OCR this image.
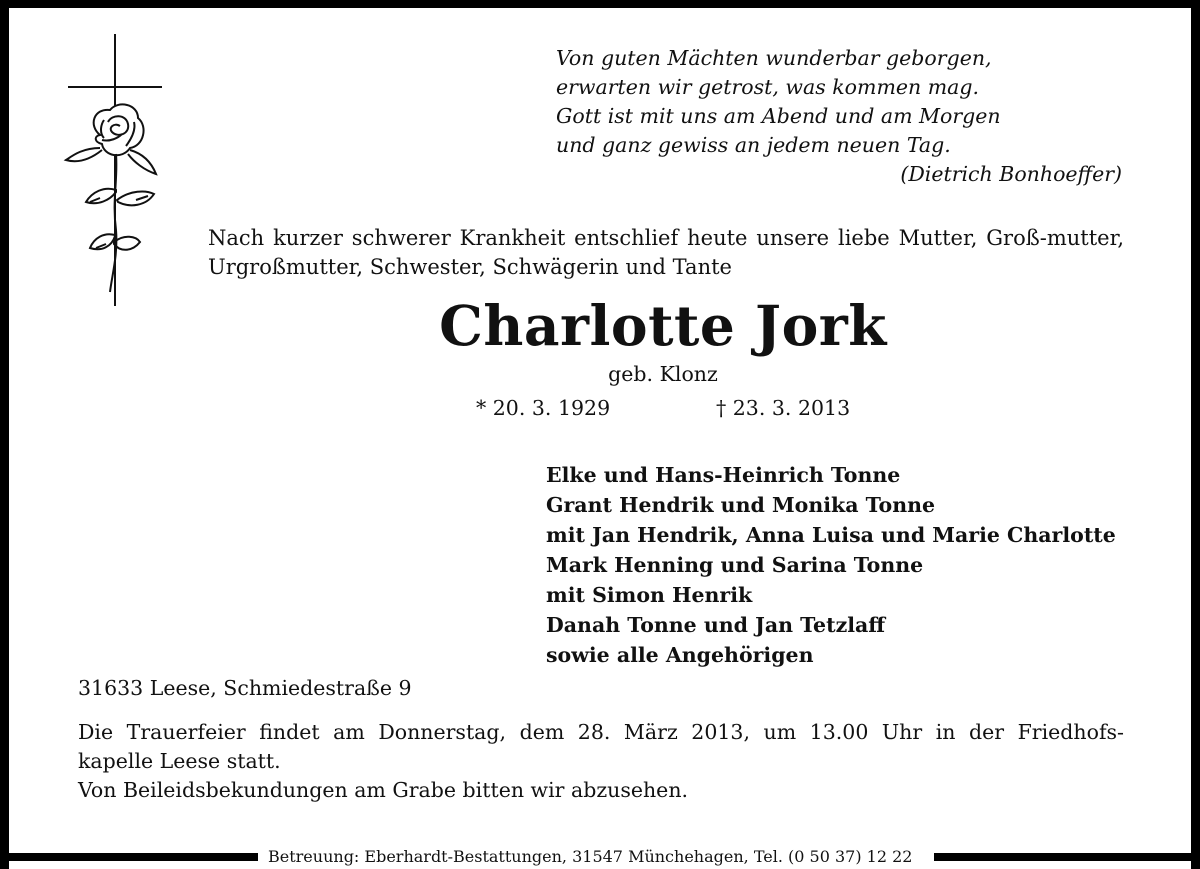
Von guten Mächten wunderbar geborgen,
erwarten wir getrost, was kommen mag.
Gott ist mit uns am Abend und am Morgen
und ganz gewiss an jedem neuen Tag.
(Dietrich Bonhoeffer)
Nach kurzer schwerer Krankheit entschlief heute unsere liebe Mutter, Groß-mutter, Urgroßmutter, Schwester, Schwägerin und Tante
Charlotte Jork
geb. Klonz
* 20. 3. 1929	† 23. 3. 2013
Elke und Hans-Heinrich Tonne
Grant Hendrik und Monika Tonne
mit Jan Hendrik, Anna Luisa und Marie Charlotte
Mark Henning und Sarina Tonne
mit Simon Henrik
Danah Tonne und Jan Tetzlaff
sowie alle Angehörigen
31633 Leese, Schmiedestraße 9
Die Trauerfeier findet am Donnerstag, dem 28. März 2013, um 13.00 Uhr in der Friedhofs-
kapelle Leese statt.
Von Beileidsbekundungen am Grabe bitten wir abzusehen.
Betreuung: Eberhardt-Bestattungen, 31547 Münchehagen, Tel. (0 50 37) 12 22
